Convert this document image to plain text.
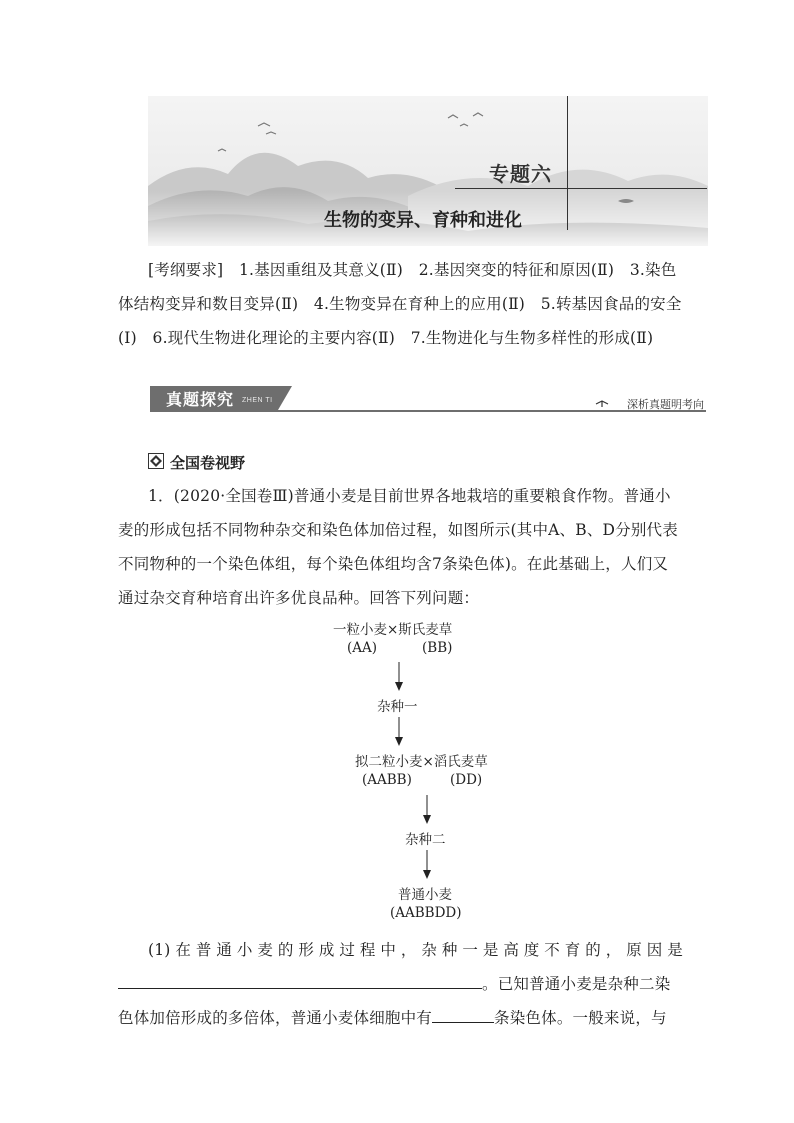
专题六
生物的变异、育种和进化
[考纲要求]　1.基因重组及其意义(Ⅱ)　2.基因突变的特征和原因(Ⅱ)　3.染色体结构变异和数目变异(Ⅱ)　4.生物变异在育种上的应用(Ⅱ)　5.转基因食品的安全(Ⅰ)　6.现代生物进化理论的主要内容(Ⅱ)　7.生物进化与生物多样性的形成(Ⅱ)
真题探究 ZHEN TI	深析真题明考向
全国卷视野
1．(2020·全国卷Ⅲ)普通小麦是目前世界各地栽培的重要粮食作物。普通小麦的形成包括不同物种杂交和染色体加倍过程，如图所示(其中A、B、D分别代表不同物种的一个染色体组，每个染色体组均含7条染色体)。在此基础上，人们又通过杂交育种培育出许多优良品种。回答下列问题：
一粒小麦×斯氏麦草
(AA)	(BB)
杂种一
拟二粒小麦×滔氏麦草
(AABB)	(DD)
杂种二
普通小麦
(AABBDD)
(1)在普通小麦的形成过程中，杂种一是高度不育的，原因是
。已知普通小麦是杂种二染色体加倍形成的多倍体，普通小麦体细胞中有	条染色体。一般来说，与
